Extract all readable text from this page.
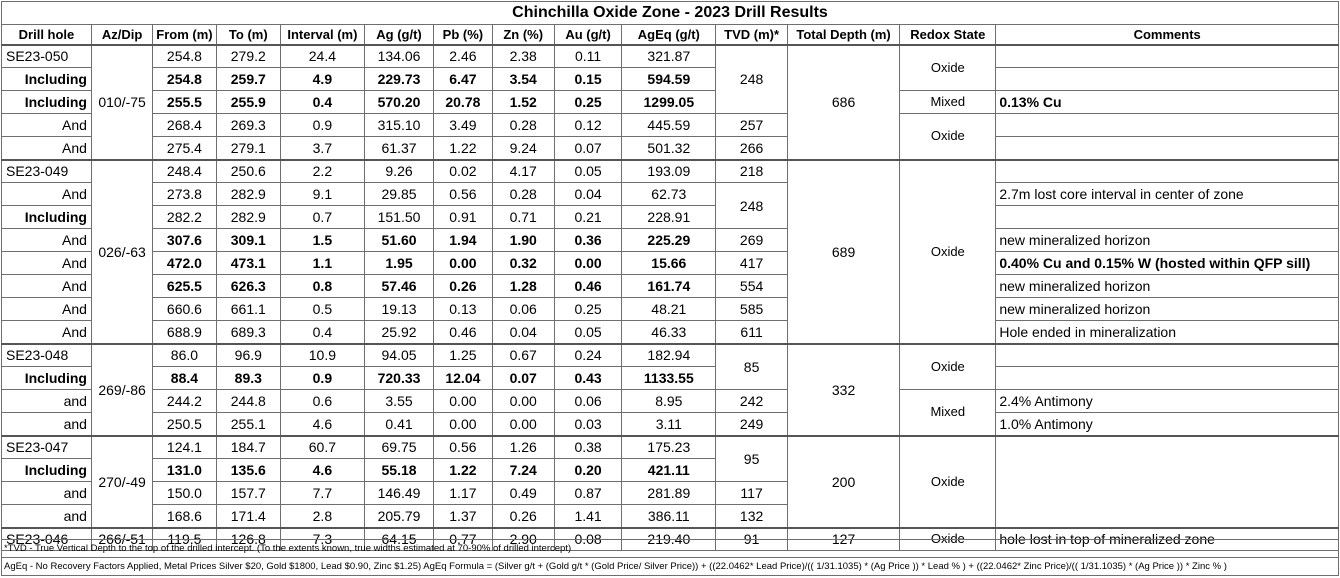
Chinchilla Oxide Zone - 2023 Drill Results													
Drill hole	Az/Dip	From (m)	To (m)	Interval (m)	Ag (g/t)	Pb (%)	Zn (%)	Au (g/t)	AgEq (g/t)	TVD (m)*	Total Depth (m)	Redox State	Comments
SE23-050	010/-75	254.8	279.2	24.4	134.06	2.46	2.38	0.11	321.87	248	686	Oxide	
Including		254.8	259.7	4.9	229.73	6.47	3.54	0.15	594.59				
Including		255.5	255.9	0.4	570.20	20.78	1.52	0.25	1299.05			Mixed	0.13% Cu
And		268.4	269.3	0.9	315.10	3.49	0.28	0.12	445.59	257		Oxide	
And		275.4	279.1	3.7	61.37	1.22	9.24	0.07	501.32	266			
SE23-049	026/-63	248.4	250.6	2.2	9.26	0.02	4.17	0.05	193.09	218	689	Oxide	
And		273.8	282.9	9.1	29.85	0.56	0.28	0.04	62.73	248			2.7m lost core interval in center of zone
Including		282.2	282.9	0.7	151.50	0.91	0.71	0.21	228.91				
And		307.6	309.1	1.5	51.60	1.94	1.90	0.36	225.29	269			new mineralized horizon
And		472.0	473.1	1.1	1.95	0.00	0.32	0.00	15.66	417			0.40% Cu and 0.15% W (hosted within QFP sill)
And		625.5	626.3	0.8	57.46	0.26	1.28	0.46	161.74	554			new mineralized horizon
And		660.6	661.1	0.5	19.13	0.13	0.06	0.25	48.21	585			new mineralized horizon
And		688.9	689.3	0.4	25.92	0.46	0.04	0.05	46.33	611			Hole ended in mineralization
SE23-048	269/-86	86.0	96.9	10.9	94.05	1.25	0.67	0.24	182.94	85	332	Oxide	
Including		88.4	89.3	0.9	720.33	12.04	0.07	0.43	1133.55				
and		244.2	244.8	0.6	3.55	0.00	0.00	0.06	8.95	242		Mixed	2.4% Antimony
and		250.5	255.1	4.6	0.41	0.00	0.00	0.03	3.11	249			1.0% Antimony
SE23-047	270/-49	124.1	184.7	60.7	69.75	0.56	1.26	0.38	175.23	95	200	Oxide	
Including		131.0	135.6	4.6	55.18	1.22	7.24	0.20	421.11				
and		150.0	157.7	7.7	146.49	1.17	0.49	0.87	281.89	117			
and		168.6	171.4	2.8	205.79	1.37	0.26	1.41	386.11	132			
SE23-046	266/-51	119.5	126.8	7.3	64.15	0.77	2.90	0.08	219.40	91	127	Oxide	hole lost in top of mineralized zone
*TVD - True Vertical Depth to the top of the drilled intercept. (To the extents known, true widths estimated at 70-90% of drilled intercept)
AgEq - No Recovery Factors Applied, Metal Prices Silver $20, Gold $1800, Lead $0.90, Zinc $1.25) AgEq Formula = (Silver g/t + (Gold g/t * (Gold Price/ Silver Price)) + ((22.0462* Lead Price)/(( 1/31.1035) * (Ag Price )) * Lead % ) + ((22.0462* Zinc Price)/(( 1/31.1035) * (Ag Price )) * Zinc % )
